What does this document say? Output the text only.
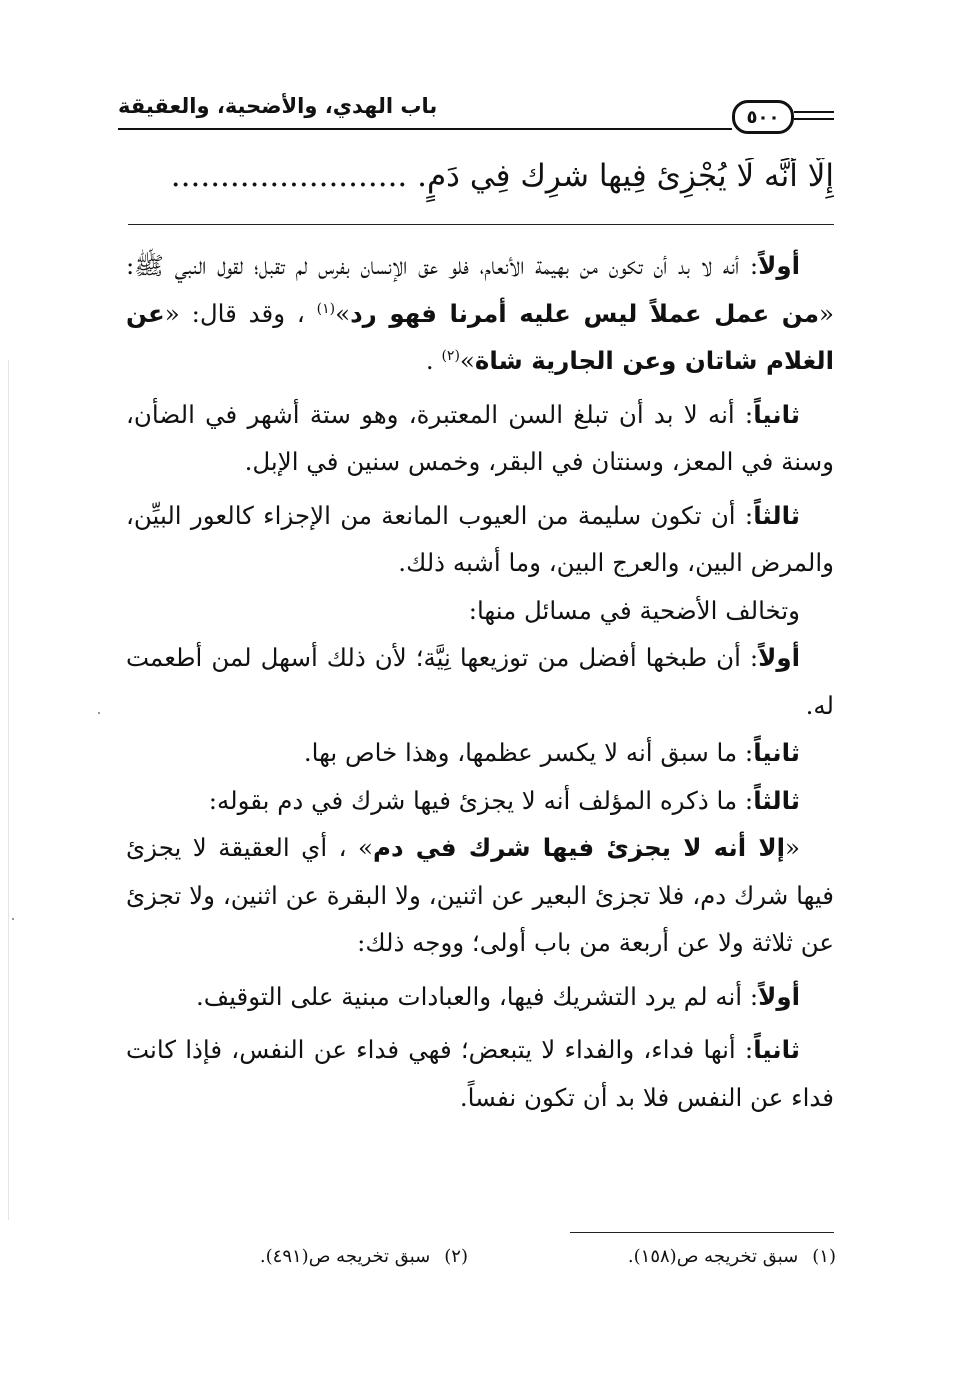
باب الهدي، والأضحية، والعقيقة	٥٠٠
إِلَّا أنَّه لَا يُجْزِئ فِيها شرِك فِي دَمٍ. ........................

أولاً: أنه لا بد أن تكون من بهيمة الأنعام، فلو عق الإنسان بفرس لم تقبل؛ لقول النبي ﷺ: «من عمل عملاً ليس عليه أمرنا فهو رد»$^{(١)}$ ، وقد قال: «عن الغلام شاتان وعن الجارية شاة»$^{(٢)}$ .

ثانياً: أنه لا بد أن تبلغ السن المعتبرة، وهو ستة أشهر في الضأن، وسنة في المعز، وسنتان في البقر، وخمس سنين في الإبل.

ثالثاً: أن تكون سليمة من العيوب المانعة من الإجزاء كالعور البيِّن، والمرض البين، والعرج البين، وما أشبه ذلك.

وتخالف الأضحية في مسائل منها:

أولاً: أن طبخها أفضل من توزيعها نِيَّة؛ لأن ذلك أسهل لمن أطعمت له.

ثانياً: ما سبق أنه لا يكسر عظمها، وهذا خاص بها.

ثالثاً: ما ذكره المؤلف أنه لا يجزئ فيها شرك في دم بقوله:

«إلا أنه لا يجزئ فيها شرك في دم» ، أي العقيقة لا يجزئ فيها شرك دم، فلا تجزئ البعير عن اثنين، ولا البقرة عن اثنين، ولا تجزئ عن ثلاثة ولا عن أربعة من باب أولى؛ ووجه ذلك:

أولاً: أنه لم يرد التشريك فيها، والعبادات مبنية على التوقيف.

ثانياً: أنها فداء، والفداء لا يتبعض؛ فهي فداء عن النفس، فإذا كانت فداء عن النفس فلا بد أن تكون نفساً.

(١)سبق تخريجه ص(١٥٨).
(٢)سبق تخريجه ص(٤٩١).
